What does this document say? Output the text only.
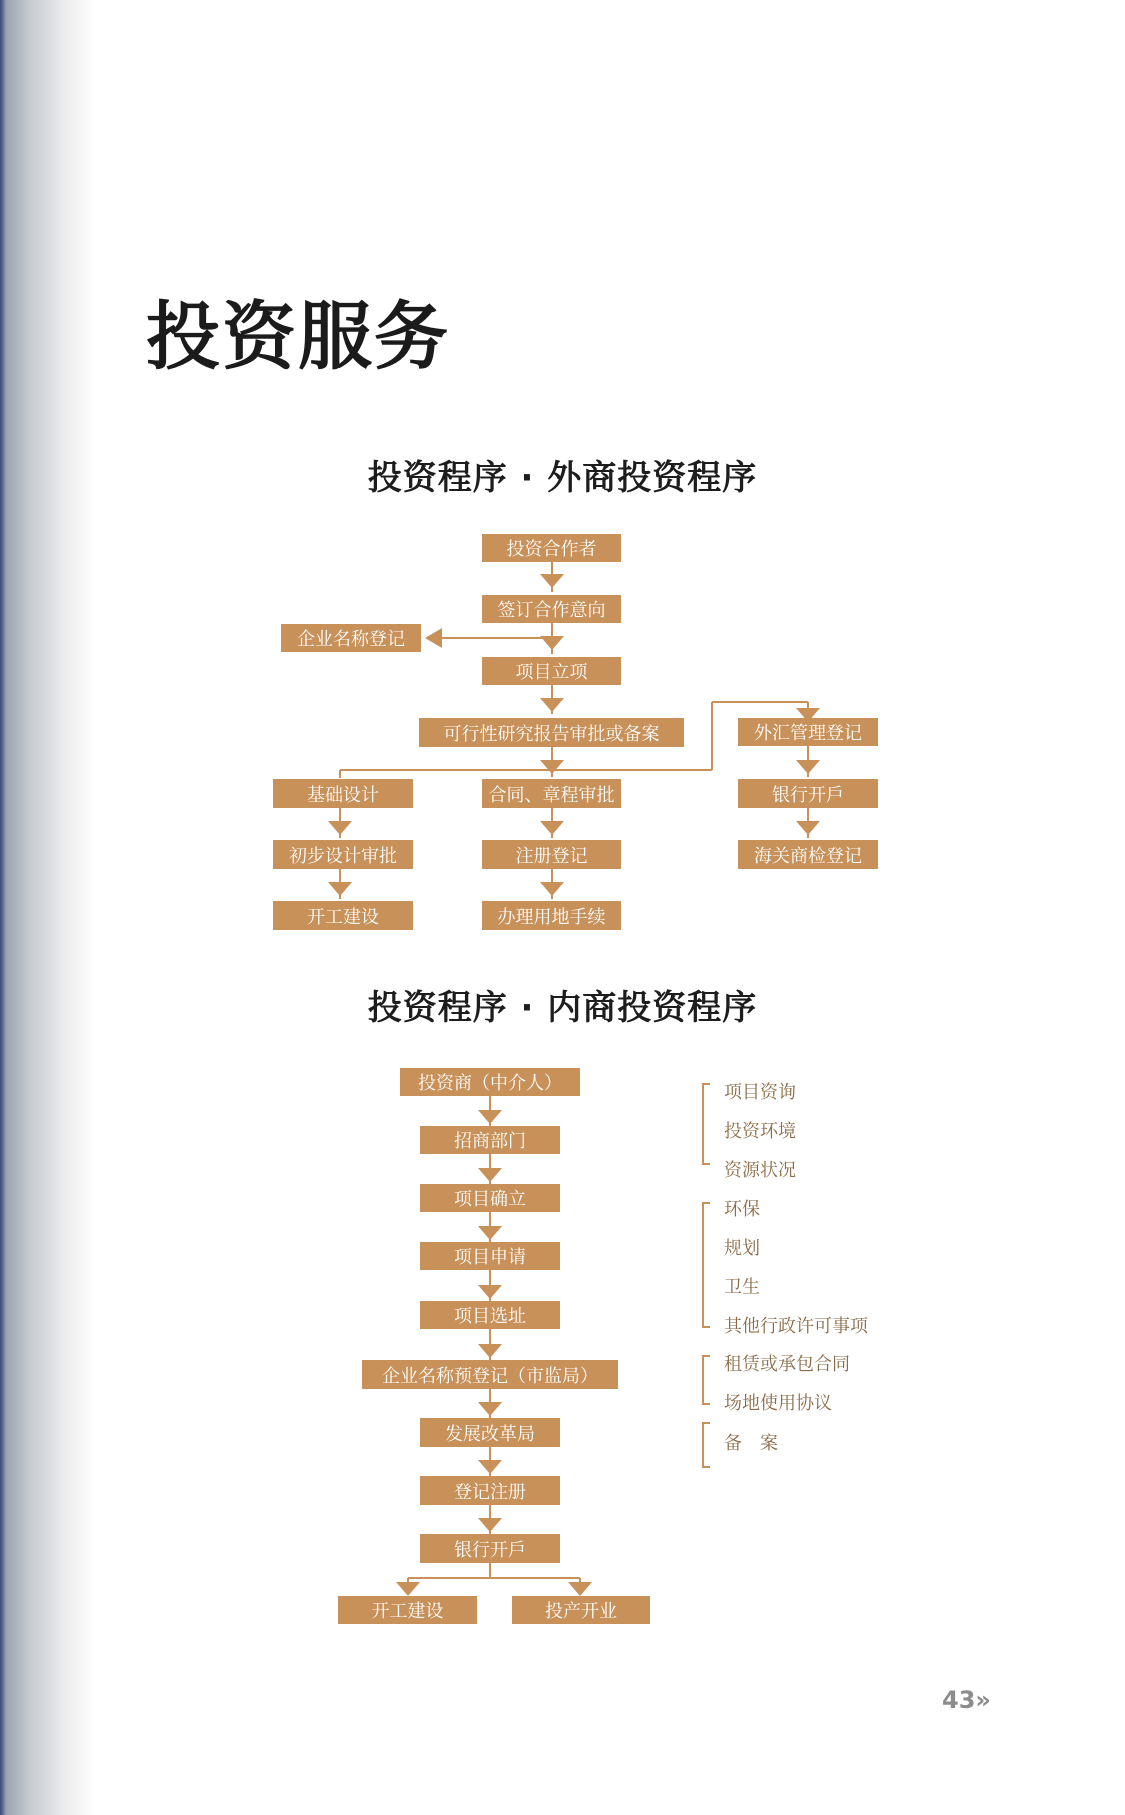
投资服务
投资程序 · 外商投资程序
投资程序 · 内商投资程序
投资合作者
签订合作意向
企业名称登记
项目立项
可行性研究报告审批或备案	外汇管理登记
基础设计	合同、章程审批	银行开戶
初步设计审批	注册登记	海关商检登记
开工建设	办理用地手续
投资商（中介人）
招商部门
项目确立
项目申请
项目选址
企业名称预登记（市监局）
发展改革局
登记注册
银行开戶
开工建设	投产开业
项目资询
投资环境
资源状况
环保
规划
卫生
其他行政许可事项
租赁或承包合同
场地使用协议
备　案
43»
